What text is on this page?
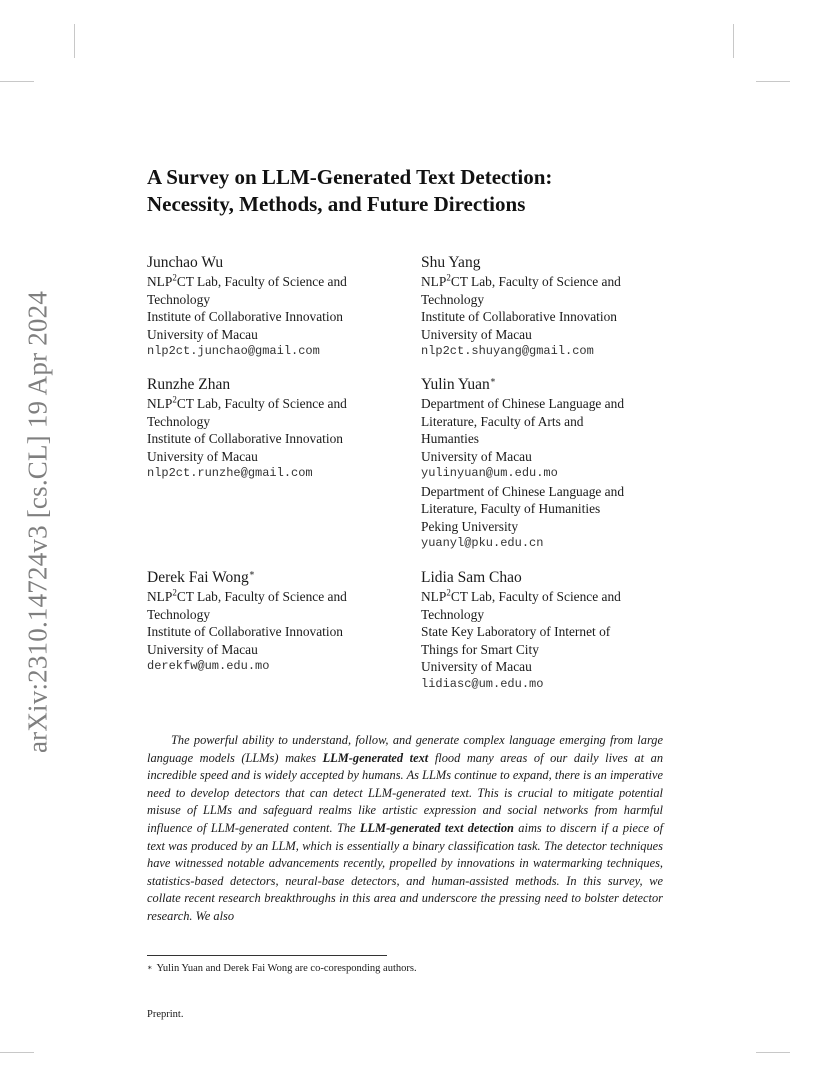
arXiv:2310.14724v3 [cs.CL] 19 Apr 2024
A Survey on LLM-Generated Text Detection:
Necessity, Methods, and Future Directions
Junchao Wu
NLP$^2$CT Lab, Faculty of Science and
Technology
Institute of Collaborative Innovation
University of Macau
nlp2ct.junchao@gmail.com
Shu Yang
NLP$^2$CT Lab, Faculty of Science and
Technology
Institute of Collaborative Innovation
University of Macau
nlp2ct.shuyang@gmail.com
Runzhe Zhan
NLP$^2$CT Lab, Faculty of Science and
Technology
Institute of Collaborative Innovation
University of Macau
nlp2ct.runzhe@gmail.com
Yulin Yuan∗
Department of Chinese Language and
Literature, Faculty of Arts and
Humanties
University of Macau
yulinyuan@um.edu.mo
Department of Chinese Language and
Literature, Faculty of Humanities
Peking University
yuanyl@pku.edu.cn
Derek Fai Wong∗
NLP$^2$CT Lab, Faculty of Science and
Technology
Institute of Collaborative Innovation
University of Macau
derekfw@um.edu.mo
Lidia Sam Chao
NLP$^2$CT Lab, Faculty of Science and
Technology
State Key Laboratory of Internet of
Things for Smart City
University of Macau
lidiasc@um.edu.mo
The powerful ability to understand, follow, and generate complex language emerging from large language models (LLMs) makes LLM-generated text flood many areas of our daily lives at an incredible speed and is widely accepted by humans. As LLMs continue to expand, there is an imperative need to develop detectors that can detect LLM-generated text. This is crucial to mitigate potential misuse of LLMs and safeguard realms like artistic expression and social networks from harmful influence of LLM-generated content. The LLM-generated text detection aims to discern if a piece of text was produced by an LLM, which is essentially a binary classification task. The detector techniques have witnessed notable advancements recently, propelled by innovations in watermarking techniques, statistics-based detectors, neural-base detectors, and human-assisted methods. In this survey, we collate recent research breakthroughs in this area and underscore the pressing need to bolster detector research. We also
∗ Yulin Yuan and Derek Fai Wong are co-coresponding authors.
Preprint.
